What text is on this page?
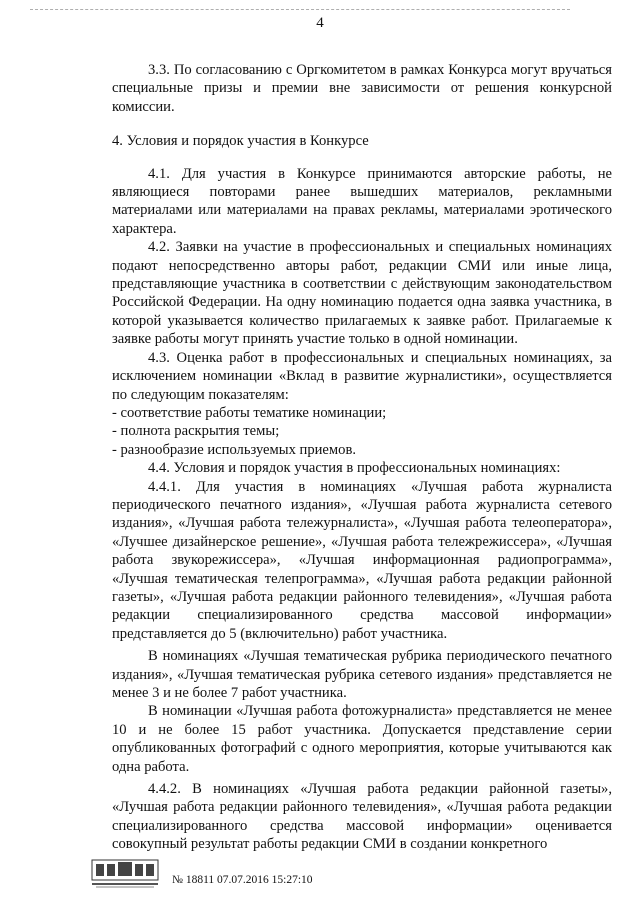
4

3.3. По согласованию с Оргкомитетом в рамках Конкурса могут вручаться специальные призы и премии вне зависимости от решения конкурсной комиссии.

4. Условия и порядок участия в Конкурсе

4.1. Для участия в Конкурсе принимаются авторские работы, не являющиеся повторами ранее вышедших материалов, рекламными материалами или материалами на правах рекламы, материалами эротического характера.

4.2. Заявки на участие в профессиональных и специальных номинациях подают непосредственно авторы работ, редакции СМИ или иные лица, представляющие участника в соответствии с действующим законодательством Российской Федерации. На одну номинацию подается одна заявка участника, в которой указывается количество прилагаемых к заявке работ. Прилагаемые к заявке работы могут принять участие только в одной номинации.

4.3. Оценка работ в профессиональных и специальных номинациях, за исключением номинации «Вклад в развитие журналистики», осуществляется по следующим показателям:

- соответствие работы тематике номинации;

- полнота раскрытия темы;

- разнообразие используемых приемов.

4.4. Условия и порядок участия в профессиональных номинациях:

4.4.1. Для участия в номинациях «Лучшая работа журналиста периодического печатного издания», «Лучшая работа журналиста сетевого издания», «Лучшая работа тележурналиста», «Лучшая работа телеоператора», «Лучшее дизайнерское решение», «Лучшая работа тележрежиссера», «Лучшая работа звукорежиссера», «Лучшая информационная радиопрограмма», «Лучшая тематическая телепрограмма», «Лучшая работа редакции районной газеты», «Лучшая работа редакции районного телевидения», «Лучшая работа редакции специализированного средства массовой информации» представляется до 5 (включительно) работ участника.

В номинациях «Лучшая тематическая рубрика периодического печатного издания», «Лучшая тематическая рубрика сетевого издания» представляется не менее 3 и не более 7 работ участника.

В номинации «Лучшая работа фотожурналиста» представляется не менее 10 и не более 15 работ участника. Допускается представление серии опубликованных фотографий с одного мероприятия, которые учитываются как одна работа.

4.4.2. В номинациях «Лучшая работа редакции районной газеты», «Лучшая работа редакции районного телевидения», «Лучшая работа редакции специализированного средства массовой информации» оценивается совокупный результат работы редакции СМИ в создании конкретного

№ 18811 07.07.2016 15:27:10
